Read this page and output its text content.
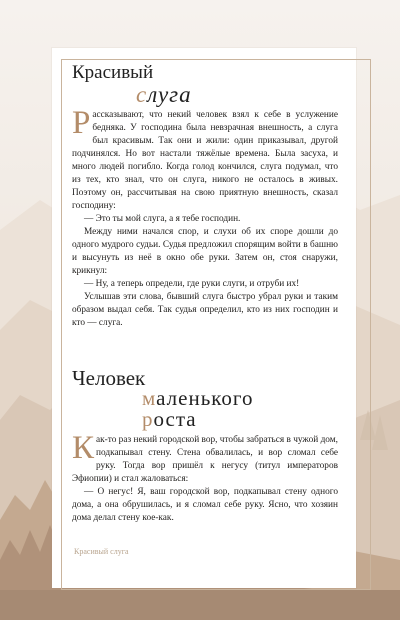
Красивый
слуга

Рассказывают, что некий человек взял к себе в услужение бедняка. У господина была невзрачная внешность, а слуга был красивым. Так они и жили: один приказывал, другой подчинялся. Но вот настали тяжёлые времена. Была засуха, и много людей погибло. Когда голод кончился, слуга подумал, что из тех, кто знал, что он слуга, никого не осталось в живых. Поэтому он, рассчитывая на свою приятную внешность, сказал господину:

— Это ты мой слуга, а я тебе господин.

Между ними начался спор, и слухи об их споре дошли до одного мудрого судьи. Судья предложил спорящим войти в башню и высунуть из неё в окно обе руки. Затем он, стоя снаружи, крикнул:

— Ну, а теперь определи, где руки слуги, и отруби их!

Услышав эти слова, бывший слуга быстро убрал руки и таким образом выдал себя. Так судья определил, кто из них господин и кто — слуга.

Человек
маленького
роста

Как-то раз некий городской вор, чтобы забраться в чужой дом, подкапывал стену. Стена обвалилась, и вор сломал себе руку. Тогда вор пришёл к негусу (титул императоров Эфиопии) и стал жаловаться:

— О негус! Я, ваш городской вор, подкапывал стену одного дома, а она обрушилась, и я сломал себе руку. Ясно, что хозяин дома делал стену кое-как.

Красивый слуга
